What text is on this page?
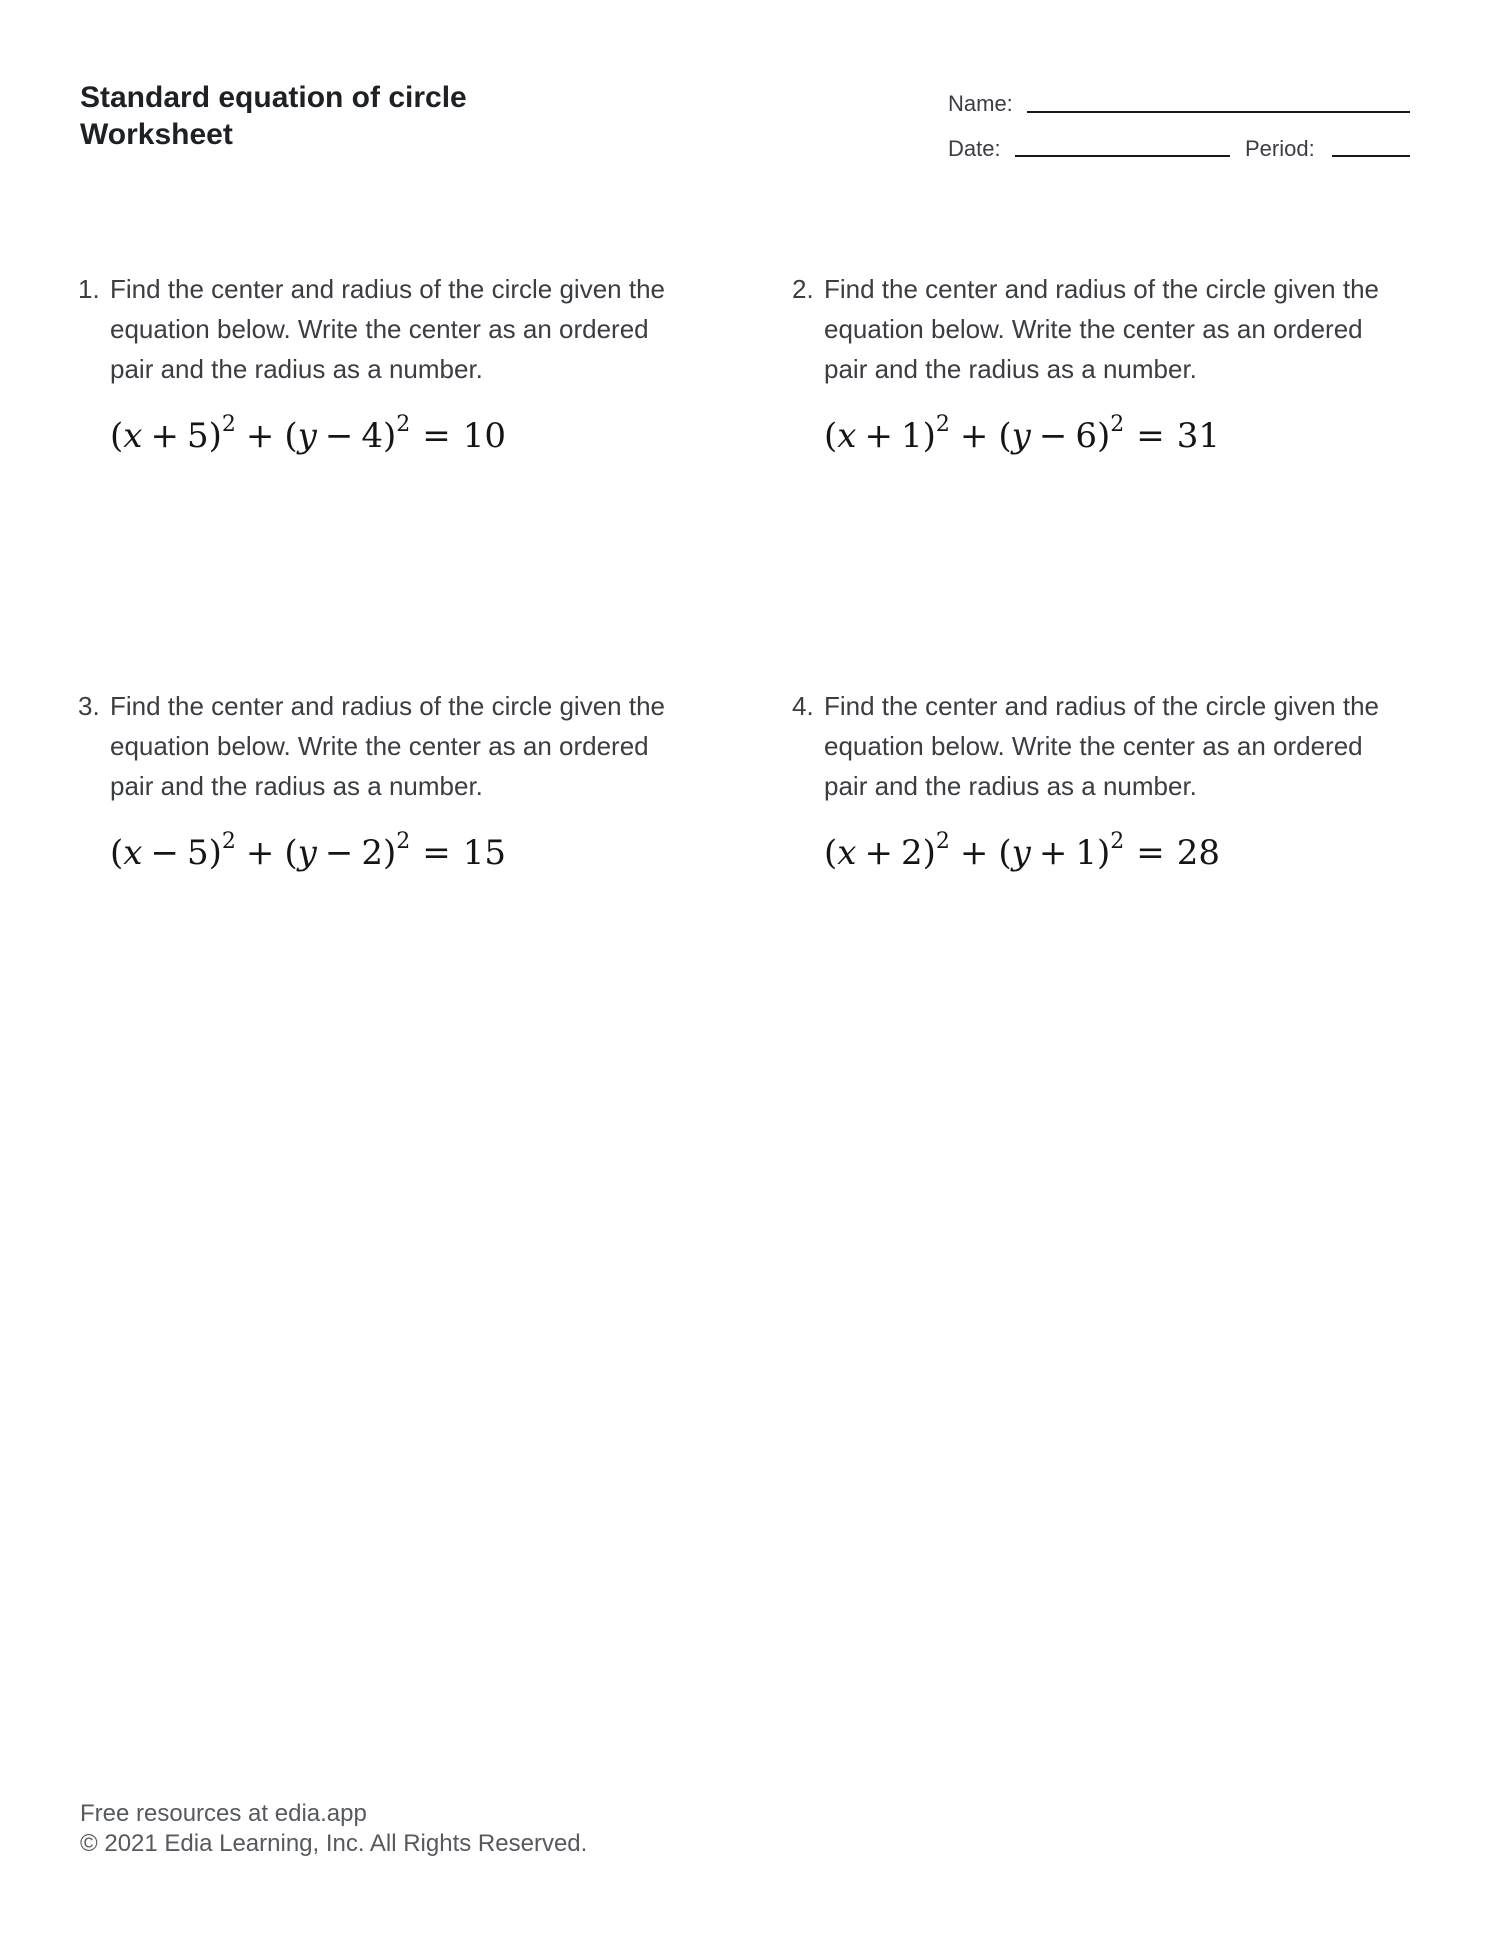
Standard equation of circle
Worksheet
Name:
Date:	Period:
1. Find the center and radius of the circle given the
equation below. Write the center as an ordered
pair and the radius as a number.
$(x + 5)^2 + (y - 4)^2 = 10$
2. Find the center and radius of the circle given the
equation below. Write the center as an ordered
pair and the radius as a number.
$(x + 1)^2 + (y - 6)^2 = 31$
3. Find the center and radius of the circle given the
equation below. Write the center as an ordered
pair and the radius as a number.
$(x - 5)^2 + (y - 2)^2 = 15$
4. Find the center and radius of the circle given the
equation below. Write the center as an ordered
pair and the radius as a number.
$(x + 2)^2 + (y + 1)^2 = 28$
Free resources at edia.app
© 2021 Edia Learning, Inc. All Rights Reserved.
